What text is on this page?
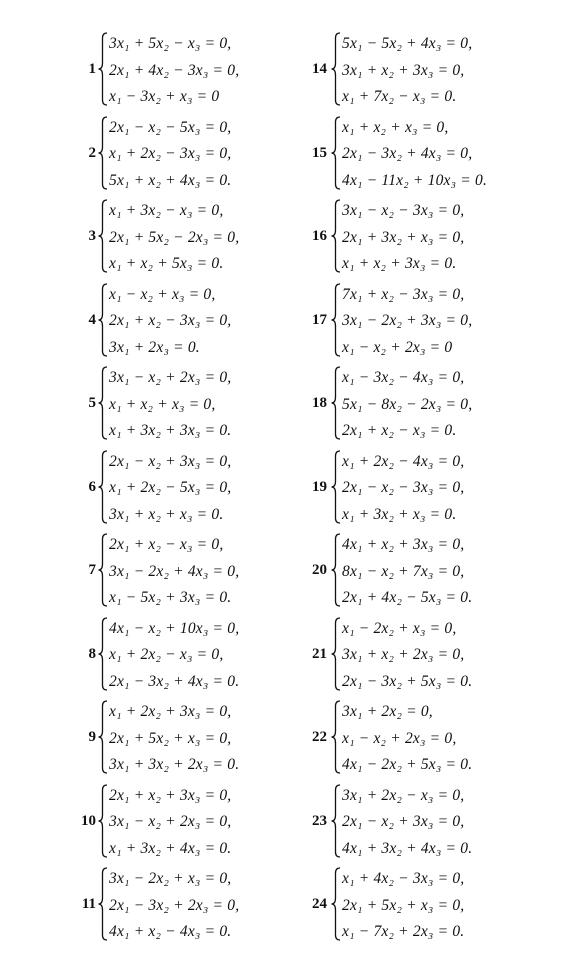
1
3x₁ + 5x₂ − x₃ = 0,
2x₁ + 4x₂ − 3x₃ = 0,
x₁ − 3x₂ + x₃ = 0
2
2x₁ − x₂ − 5x₃ = 0,
x₁ + 2x₂ − 3x₃ = 0,
5x₁ + x₂ + 4x₃ = 0.
3
x₁ + 3x₂ − x₃ = 0,
2x₁ + 5x₂ − 2x₃ = 0,
x₁ + x₂ + 5x₃ = 0.
4
x₁ − x₂ + x₃ = 0,
2x₁ + x₂ − 3x₃ = 0,
3x₁ + 2x₃ = 0.
5
3x₁ − x₂ + 2x₃ = 0,
x₁ + x₂ + x₃ = 0,
x₁ + 3x₂ + 3x₃ = 0.
6
2x₁ − x₂ + 3x₃ = 0,
x₁ + 2x₂ − 5x₃ = 0,
3x₁ + x₂ + x₃ = 0.
7
2x₁ + x₂ − x₃ = 0,
3x₁ − 2x₂ + 4x₃ = 0,
x₁ − 5x₂ + 3x₃ = 0.
8
4x₁ − x₂ + 10x₃ = 0,
x₁ + 2x₂ − x₃ = 0,
2x₁ − 3x₂ + 4x₃ = 0.
9
x₁ + 2x₂ + 3x₃ = 0,
2x₁ + 5x₂ + x₃ = 0,
3x₁ + 3x₂ + 2x₃ = 0.
10
2x₁ + x₂ + 3x₃ = 0,
3x₁ − x₂ + 2x₃ = 0,
x₁ + 3x₂ + 4x₃ = 0.
11
3x₁ − 2x₂ + x₃ = 0,
2x₁ − 3x₂ + 2x₃ = 0,
4x₁ + x₂ − 4x₃ = 0.
14
5x₁ − 5x₂ + 4x₃ = 0,
3x₁ + x₂ + 3x₃ = 0,
x₁ + 7x₂ − x₃ = 0.
15
x₁ + x₂ + x₃ = 0,
2x₁ − 3x₂ + 4x₃ = 0,
4x₁ − 11x₂ + 10x₃ = 0.
16
3x₁ − x₂ − 3x₃ = 0,
2x₁ + 3x₂ + x₃ = 0,
x₁ + x₂ + 3x₃ = 0.
17
7x₁ + x₂ − 3x₃ = 0,
3x₁ − 2x₂ + 3x₃ = 0,
x₁ − x₂ + 2x₃ = 0
18
x₁ − 3x₂ − 4x₃ = 0,
5x₁ − 8x₂ − 2x₃ = 0,
2x₁ + x₂ − x₃ = 0.
19
x₁ + 2x₂ − 4x₃ = 0,
2x₁ − x₂ − 3x₃ = 0,
x₁ + 3x₂ + x₃ = 0.
20
4x₁ + x₂ + 3x₃ = 0,
8x₁ − x₂ + 7x₃ = 0,
2x₁ + 4x₂ − 5x₃ = 0.
21
x₁ − 2x₂ + x₃ = 0,
3x₁ + x₂ + 2x₃ = 0,
2x₁ − 3x₂ + 5x₃ = 0.
22
3x₁ + 2x₂ = 0,
x₁ − x₂ + 2x₃ = 0,
4x₁ − 2x₂ + 5x₃ = 0.
23
3x₁ + 2x₂ − x₃ = 0,
2x₁ − x₂ + 3x₃ = 0,
4x₁ + 3x₂ + 4x₃ = 0.
24
x₁ + 4x₂ − 3x₃ = 0,
2x₁ + 5x₂ + x₃ = 0,
x₁ − 7x₂ + 2x₃ = 0.
